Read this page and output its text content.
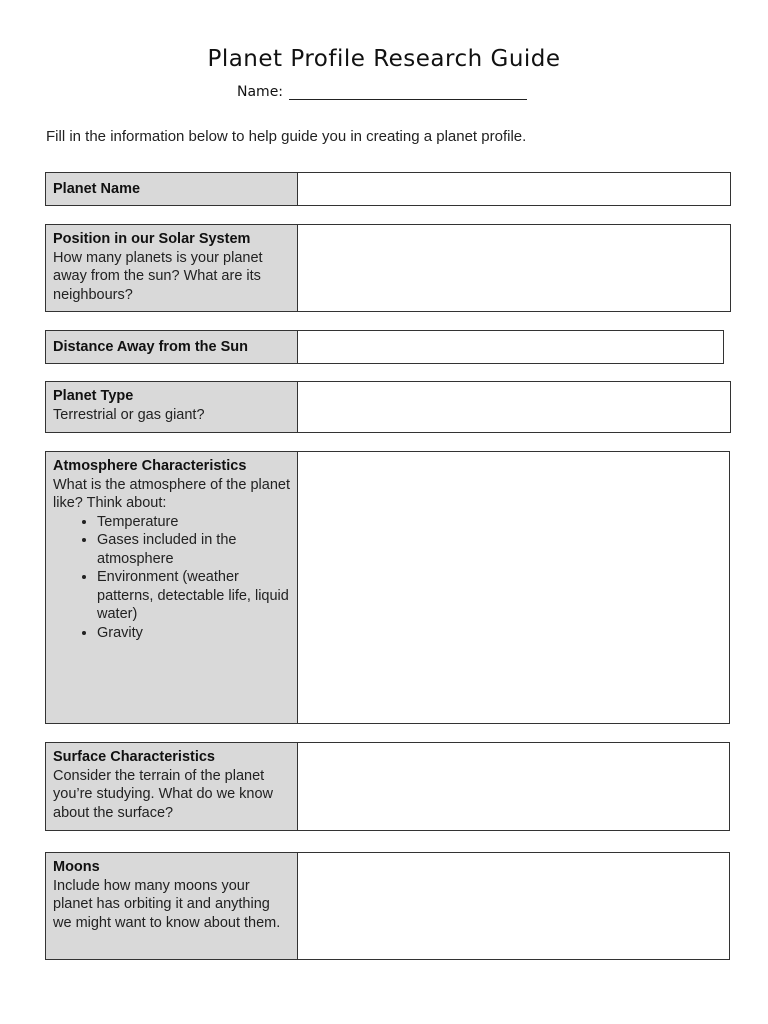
Planet Profile Research Guide
Name:
Fill in the information below to help guide you in creating a planet profile.
Planet Name
Position in our Solar System
How many planets is your planet away from the sun? What are its neighbours?
Distance Away from the Sun
Planet Type
Terrestrial or gas giant?
Atmosphere Characteristics
What is the atmosphere of the planet like? Think about:
• Temperature
• Gases included in the atmosphere
• Environment (weather patterns, detectable life, liquid water)
• Gravity
Surface Characteristics
Consider the terrain of the planet you’re studying. What do we know about the surface?
Moons
Include how many moons your planet has orbiting it and anything we might want to know about them.
